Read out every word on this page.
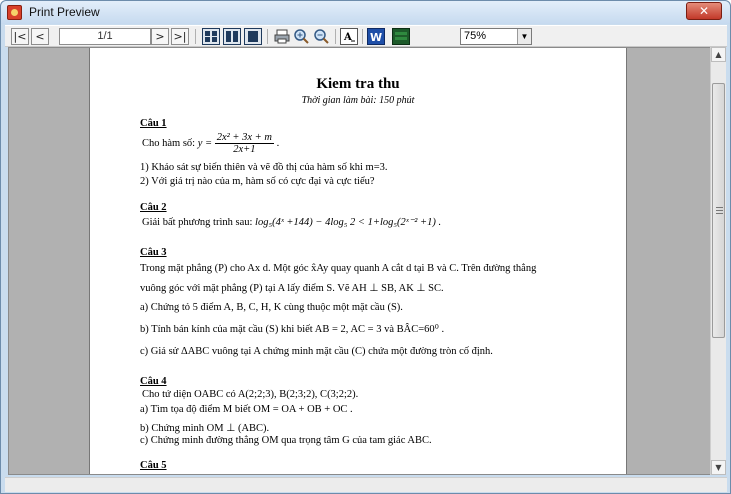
Print Preview	✕
|< <	1/1	> >|	A W	75%	▼
Kiem tra thu
Thời gian làm bài: 150 phút
Câu 1
Cho hàm số: $y = \frac{\text{2x² + 3x + m}}{2x+1}$ .
1) Khảo sát sự biến thiên và vẽ đồ thị của hàm số khi m=3.
2) Với giá trị nào của m, hàm số có cực đại và cực tiểu?
Câu 2
Giải bất phương trình sau: log₅(4ˣ +144) − 4log₅ 2 < 1+log₅(2ˣ⁻² +1) .
Câu 3
Trong mặt phẳng (P) cho Ax d. Một góc x̂Ay quay quanh A cắt d tại B và C. Trên đường thẳng
vuông góc với mặt phẳng (P) tại A lấy điểm S. Vẽ AH ⊥ SB, AK ⊥ SC.
a) Chứng tỏ 5 điểm A, B, C, H, K cùng thuộc một mặt cầu (S).
b) Tính bán kính của mặt cầu (S) khi biết AB = 2, AC = 3 và BÂC=60⁰ .
c) Giả sử ΔABC vuông tại A chứng minh mặt cầu (C) chứa một đường tròn cố định.
Câu 4
Cho tứ diện OABC có A(2;2;3), B(2;3;2), C(3;2;2).
a) Tìm tọa độ điểm M biết OM = OA + OB + OC .
b) Chứng minh OM ⊥ (ABC).
c) Chứng minh đường thẳng OM qua trọng tâm G của tam giác ABC.
Câu 5
▲
▼
